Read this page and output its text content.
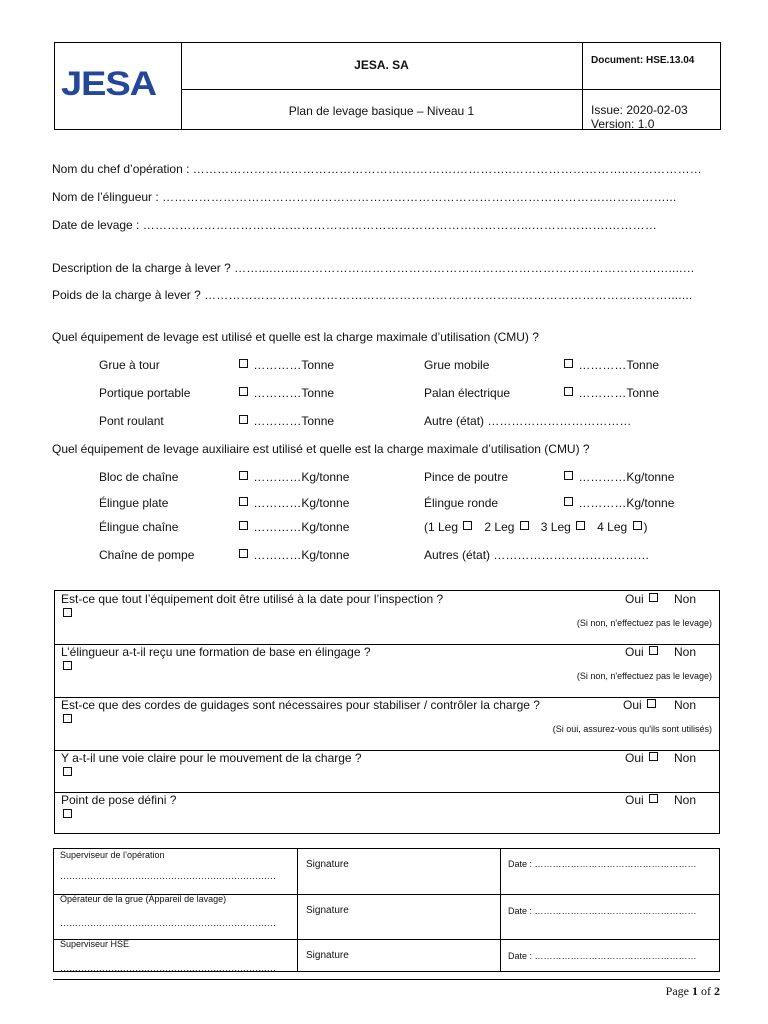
JESA	JESA. SA
Plan de levage basique – Niveau 1
Document: HSE.13.04
Issue: 2020-02-03
Version: 1.0
Nom du chef d’opération : ……………………………………………….……….…………..………………………..………………
Nom de l’élingueur : ……………………………………………………………………………………………….……………...
Date de levage : …………………………………………………………………………………...……………….…………
Description de la charge à lever ? ……....…....…………………………………………………………………………….…....…
Poids de la charge à lever ? …………………………………………………………………………………………………….......
Quel équipement de levage est utilisé et quelle est la charge maximale d’utilisation (CMU) ?
Grue à tour	…………Tonne	Grue mobile	…………Tonne
Portique portable	…………Tonne	Palan électrique	…………Tonne
Pont roulant	…………Tonne	Autre (état) ………………………………
Quel équipement de levage auxiliaire est utilisé et quelle est la charge maximale d’utilisation (CMU) ?
Bloc de chaîne	…………Kg/tonne	Pince de poutre	…………Kg/tonne
Élingue plate	…………Kg/tonne	Élingue ronde	…………Kg/tonne
Élingue chaîne	…………Kg/tonne	(1 Leg 2 Leg 3 Leg 4 Leg )
Chaîne de pompe	…………Kg/tonne	Autres (état) …………………………………
Est-ce que tout l’équipement doit être utilisé à la date pour l’inspection ?	Oui	Non
(Si non, n'effectuez pas le levage)
L’élingueur a-t-il reçu une formation de base en élingage ?	Oui	Non
(Si non, n'effectuez pas le levage)
Est-ce que des cordes de guidages sont nécessaires pour stabiliser / contrôler la charge ?	Oui	Non
(Si oui, assurez-vous qu'ils sont utilisés)
Y a-t-il une voie claire pour le mouvement de la charge ?	Oui	Non
Point de pose défini ?	Oui	Non
Superviseur de l’opération
………………………………………………………………
Signature	Date : ………………………………………………
Opérateur de la grue (Appareil de lavage)
………………………………………………………………
Signature	Date : ………………………………………………
Superviseur HSE
………………………………………………………………
Signature	Date : ………………………………………………
Page 1 of 2
